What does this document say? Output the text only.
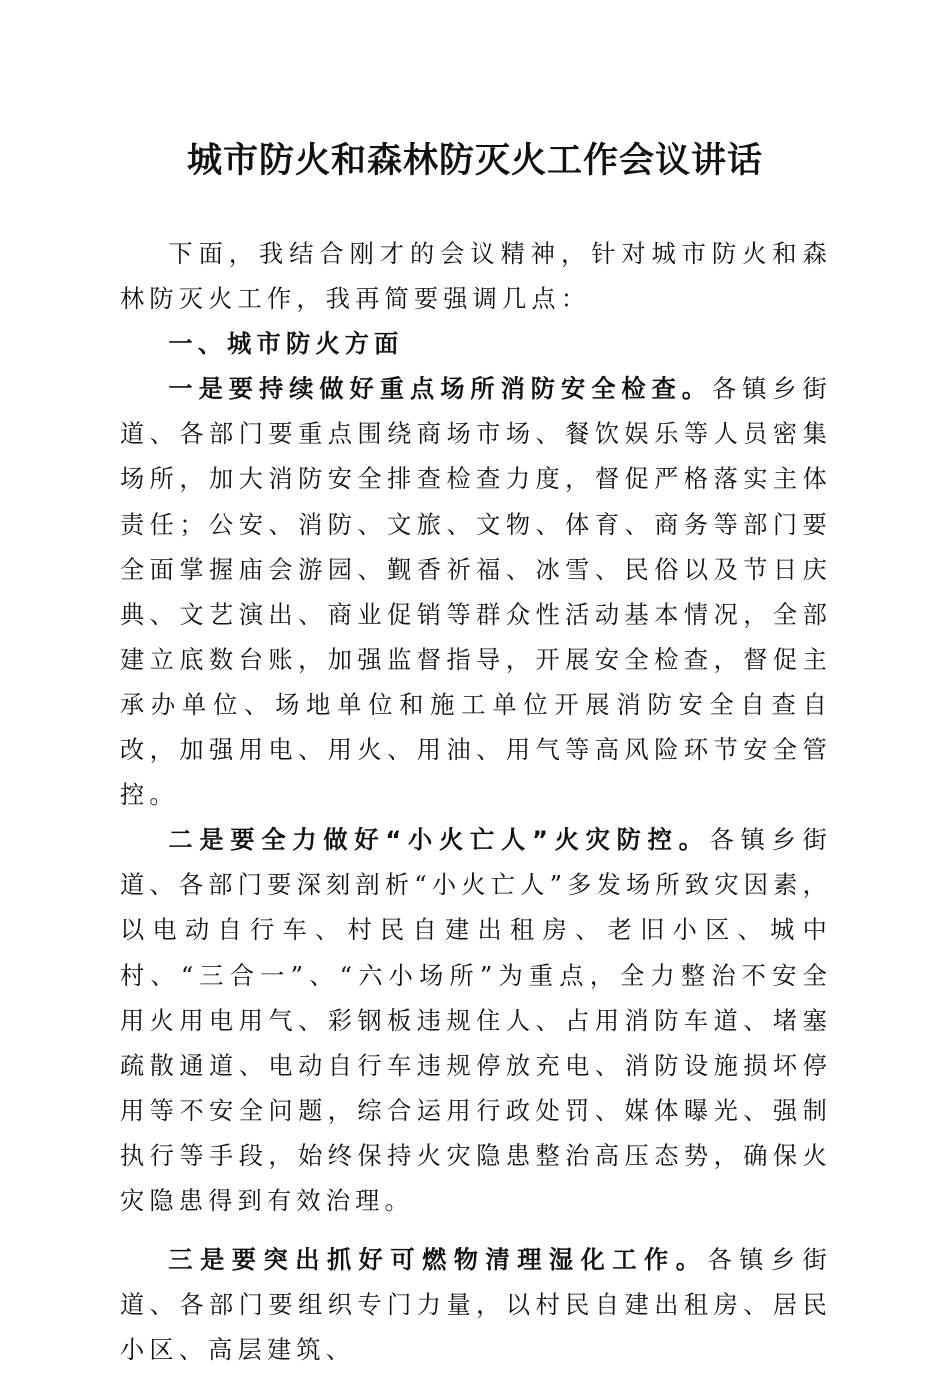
城市防火和森林防灭火工作会议讲话

下面，我结合刚才的会议精神，针对城市防火和森林防灭火工作，我再简要强调几点：

一、城市防火方面

一是要持续做好重点场所消防安全检查。各镇乡街道、各部门要重点围绕商场市场、餐饮娱乐等人员密集场所，加大消防安全排查检查力度，督促严格落实主体责任；公安、消防、文旅、文物、体育、商务等部门要全面掌握庙会游园、觐香祈福、冰雪、民俗以及节日庆典、文艺演出、商业促销等群众性活动基本情况，全部建立底数台账，加强监督指导，开展安全检查，督促主承办单位、场地单位和施工单位开展消防安全自查自改，加强用电、用火、用油、用气等高风险环节安全管控。

二是要全力做好“小火亡人”火灾防控。各镇乡街道、各部门要深刻剖析“小火亡人”多发场所致灾因素，以电动自行车、村民自建出租房、老旧小区、城中村、“三合一”、“六小场所”为重点，全力整治不安全用火用电用气、彩钢板违规住人、占用消防车道、堵塞疏散通道、电动自行车违规停放充电、消防设施损坏停用等不安全问题，综合运用行政处罚、媒体曝光、强制执行等手段，始终保持火灾隐患整治高压态势，确保火灾隐患得到有效治理。

三是要突出抓好可燃物清理湿化工作。各镇乡街道、各部门要组织专门力量，以村民自建出租房、居民小区、高层建筑、
